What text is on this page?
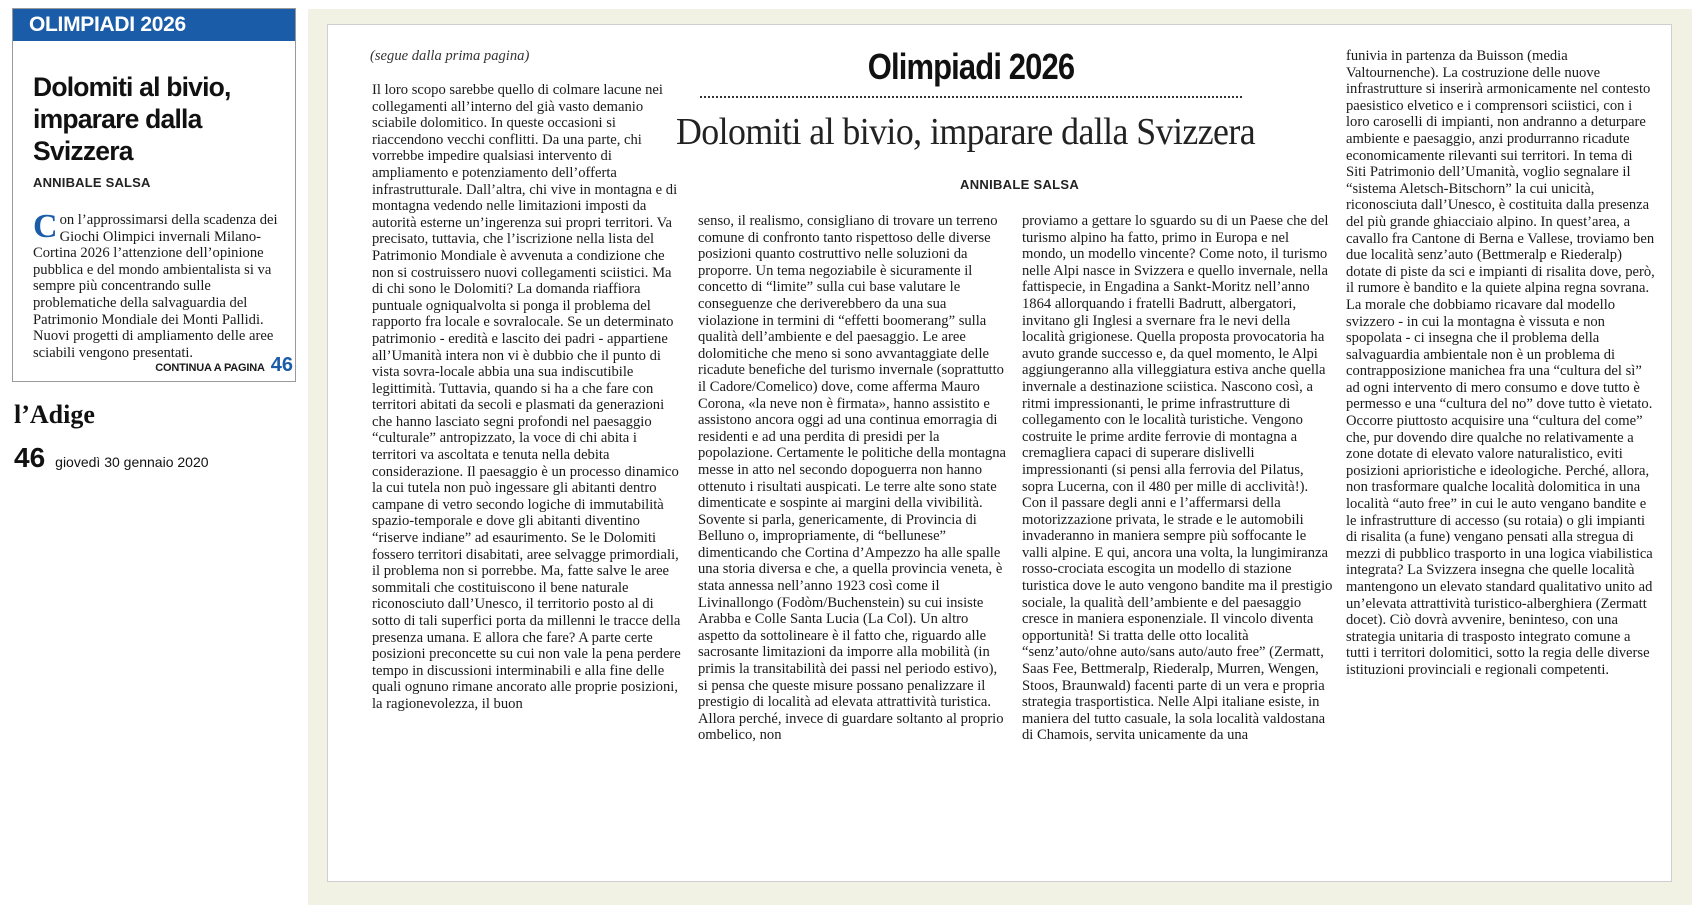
OLIMPIADI 2026
Dolomiti al bivio, imparare dalla Svizzera
ANNIBALE SALSA
Con l’approssimarsi della scadenza dei Giochi Olimpici invernali Milano-Cortina 2026 l’attenzione dell’opinione pubblica e del mondo ambientalista si va sempre più concentrando sulle problematiche della salvaguardia del Patrimonio Mondiale dei Monti Pallidi. Nuovi progetti di ampliamento delle aree sciabili vengono presentati.
CONTINUA A PAGINA 46
l’Adige
46 giovedì 30 gennaio 2020
(segue dalla prima pagina)	Olimpiadi 2026
Dolomiti al bivio, imparare dalla Svizzera
ANNIBALE SALSA
Il loro scopo sarebbe quello di colmare lacune nei collegamenti all’interno del già vasto demanio sciabile dolomitico. In queste occasioni si riaccendono vecchi conflitti. Da una parte, chi vorrebbe impedire qualsiasi intervento di ampliamento e potenziamento dell’offerta infrastrutturale. Dall’altra, chi vive in montagna e di montagna vedendo nelle limitazioni imposti da autorità esterne un’ingerenza sui propri territori. Va precisato, tuttavia, che l’iscrizione nella lista del Patrimonio Mondiale è avvenuta a condizione che non si costruissero nuovi collegamenti sciistici. Ma di chi sono le Dolomiti? La domanda riaffiora puntuale ogniqualvolta si ponga il problema del rapporto fra locale e sovralocale. Se un determinato patrimonio - eredità e lascito dei padri - appartiene all’Umanità intera non vi è dubbio che il punto di vista sovra-locale abbia una sua indiscutibile legittimità. Tuttavia, quando si ha a che fare con territori abitati da secoli e plasmati da generazioni che hanno lasciato segni profondi nel paesaggio “culturale” antropizzato, la voce di chi abita i territori va ascoltata e tenuta nella debita considerazione. Il paesaggio è un processo dinamico la cui tutela non può ingessare gli abitanti dentro campane di vetro secondo logiche di immutabilità spazio-temporale e dove gli abitanti diventino “riserve indiane” ad esaurimento. Se le Dolomiti fossero territori disabitati, aree selvagge primordiali, il problema non si porrebbe. Ma, fatte salve le aree sommitali che costituiscono il bene naturale riconosciuto dall’Unesco, il territorio posto al di sotto di tali superfici porta da millenni le tracce della presenza umana. E allora che fare? A parte certe posizioni preconcette su cui non vale la pena perdere tempo in discussioni interminabili e alla fine delle quali ognuno rimane ancorato alle proprie posizioni, la ragionevolezza, il buon
senso, il realismo, consigliano di trovare un terreno comune di confronto tanto rispettoso delle diverse posizioni quanto costruttivo nelle soluzioni da proporre. Un tema negoziabile è sicuramente il concetto di “limite” sulla cui base valutare le conseguenze che deriverebbero da una sua violazione in termini di “effetti boomerang” sulla qualità dell’ambiente e del paesaggio. Le aree dolomitiche che meno si sono avvantaggiate delle ricadute benefiche del turismo invernale (soprattutto il Cadore/Comelico) dove, come afferma Mauro Corona, «la neve non è firmata», hanno assistito e assistono ancora oggi ad una continua emorragia di residenti e ad una perdita di presidi per la popolazione. Certamente le politiche della montagna messe in atto nel secondo dopoguerra non hanno ottenuto i risultati auspicati. Le terre alte sono state dimenticate e sospinte ai margini della vivibilità. Sovente si parla, genericamente, di Provincia di Belluno o, impropriamente, di “bellunese” dimenticando che Cortina d’Ampezzo ha alle spalle una storia diversa e che, a quella provincia veneta, è stata annessa nell’anno 1923 così come il Livinallongo (Fodòm/Buchenstein) su cui insiste Arabba e Colle Santa Lucia (La Col). Un altro aspetto da sottolineare è il fatto che, riguardo alle sacrosante limitazioni da imporre alla mobilità (in primis la transitabilità dei passi nel periodo estivo), si pensa che queste misure possano penalizzare il prestigio di località ad elevata attrattività turistica. Allora perché, invece di guardare soltanto al proprio ombelico, non
proviamo a gettare lo sguardo su di un Paese che del turismo alpino ha fatto, primo in Europa e nel mondo, un modello vincente? Come noto, il turismo nelle Alpi nasce in Svizzera e quello invernale, nella fattispecie, in Engadina a Sankt-Moritz nell’anno 1864 allorquando i fratelli Badrutt, albergatori, invitano gli Inglesi a svernare fra le nevi della località grigionese. Quella proposta provocatoria ha avuto grande successo e, da quel momento, le Alpi aggiungeranno alla villeggiatura estiva anche quella invernale a destinazione sciistica. Nascono così, a ritmi impressionanti, le prime infrastrutture di collegamento con le località turistiche. Vengono costruite le prime ardite ferrovie di montagna a cremagliera capaci di superare dislivelli impressionanti (si pensi alla ferrovia del Pilatus, sopra Lucerna, con il 480 per mille di acclività!). Con il passare degli anni e l’affermarsi della motorizzazione privata, le strade e le automobili invaderanno in maniera sempre più soffocante le valli alpine. E qui, ancora una volta, la lungimiranza rosso-crociata escogita un modello di stazione turistica dove le auto vengono bandite ma il prestigio sociale, la qualità dell’ambiente e del paesaggio cresce in maniera esponenziale. Il vincolo diventa opportunità! Si tratta delle otto località “senz’auto/ohne auto/sans auto/auto free” (Zermatt, Saas Fee, Bettmeralp, Riederalp, Murren, Wengen, Stoos, Braunwald) facenti parte di un vera e propria strategia trasportistica. Nelle Alpi italiane esiste, in maniera del tutto casuale, la sola località valdostana di Chamois, servita unicamente da una
funivia in partenza da Buisson (media Valtournenche). La costruzione delle nuove infrastrutture si inserirà armonicamente nel contesto paesistico elvetico e i comprensori sciistici, con i loro caroselli di impianti, non andranno a deturpare ambiente e paesaggio, anzi produrranno ricadute economicamente rilevanti sui territori. In tema di Siti Patrimonio dell’Umanità, voglio segnalare il “sistema Aletsch-Bitschorn” la cui unicità, riconosciuta dall’Unesco, è costituita dalla presenza del più grande ghiacciaio alpino. In quest’area, a cavallo fra Cantone di Berna e Vallese, troviamo ben due località senz’auto (Bettmeralp e Riederalp) dotate di piste da sci e impianti di risalita dove, però, il rumore è bandito e la quiete alpina regna sovrana. La morale che dobbiamo ricavare dal modello svizzero - in cui la montagna è vissuta e non spopolata - ci insegna che il problema della salvaguardia ambientale non è un problema di contrapposizione manichea fra una “cultura del sì” ad ogni intervento di mero consumo e dove tutto è permesso e una “cultura del no” dove tutto è vietato. Occorre piuttosto acquisire una “cultura del come” che, pur dovendo dire qualche no relativamente a zone dotate di elevato valore naturalistico, eviti posizioni aprioristiche e ideologiche. Perché, allora, non trasformare qualche località dolomitica in una località “auto free” in cui le auto vengano bandite e le infrastrutture di accesso (su rotaia) o gli impianti di risalita (a fune) vengano pensati alla stregua di mezzi di pubblico trasporto in una logica viabilistica integrata? La Svizzera insegna che quelle località mantengono un elevato standard qualitativo unito ad un’elevata attrattività turistico-alberghiera (Zermatt docet). Ciò dovrà avvenire, beninteso, con una strategia unitaria di trasposto integrato comune a tutti i territori dolomitici, sotto la regia delle diverse istituzioni provinciali e regionali competenti.
